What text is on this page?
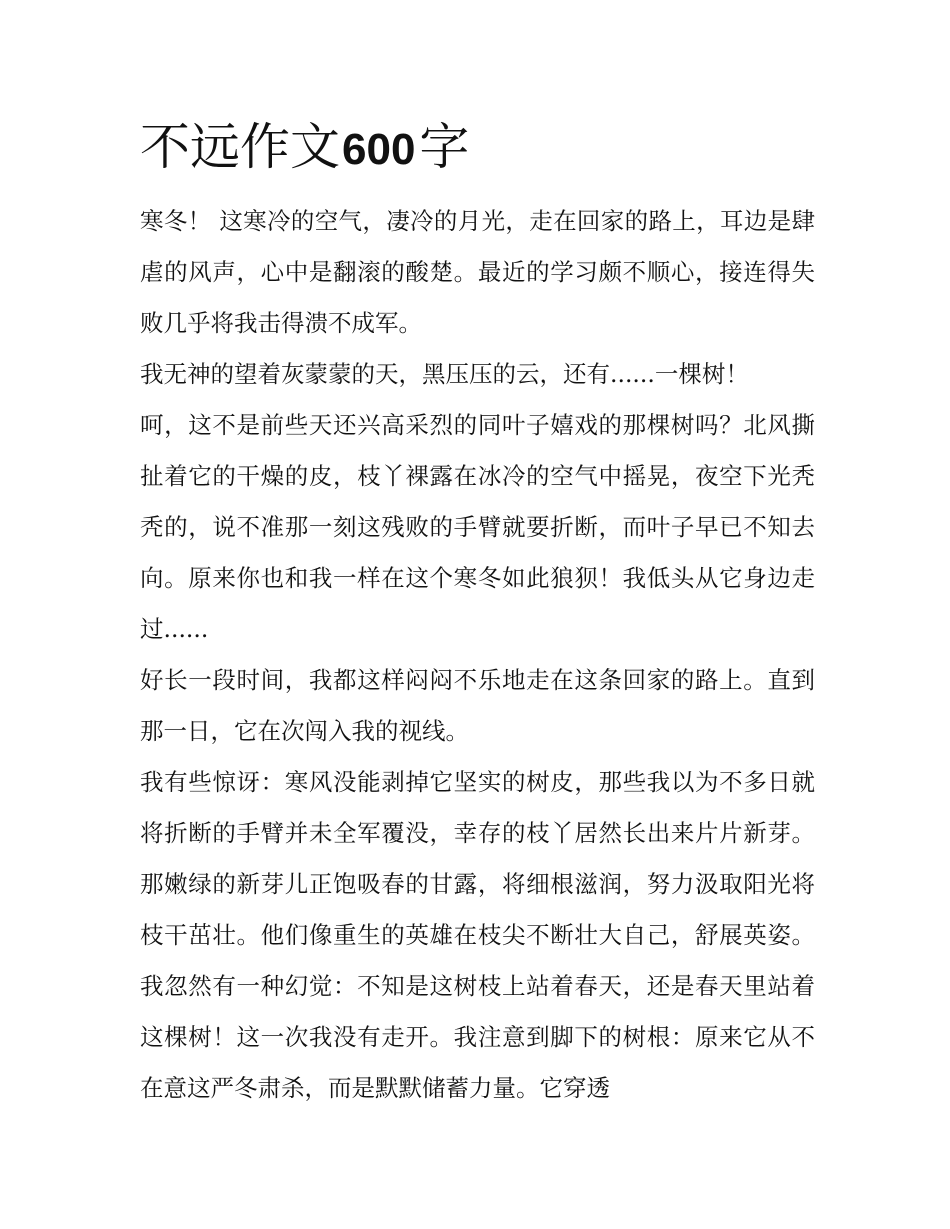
不远作文600字

寒冬！ 这寒冷的空气，凄冷的月光，走在回家的路上，耳边是肆虐的风声，心中是翻滚的酸楚。最近的学习颇不顺心，接连得失败几乎将我击得溃不成军。

我无神的望着灰蒙蒙的天，黑压压的云，还有......一棵树！

呵，这不是前些天还兴高采烈的同叶子嬉戏的那棵树吗？北风撕扯着它的干燥的皮，枝丫裸露在冰冷的空气中摇晃，夜空下光秃秃的，说不准那一刻这残败的手臂就要折断，而叶子早已不知去向。原来你也和我一样在这个寒冬如此狼狈！我低头从它身边走过......

好长一段时间，我都这样闷闷不乐地走在这条回家的路上。直到那一日，它在次闯入我的视线。

我有些惊讶：寒风没能剥掉它坚实的树皮，那些我以为不多日就将折断的手臂并未全军覆没，幸存的枝丫居然长出来片片新芽。那嫩绿的新芽儿正饱吸春的甘露，将细根滋润，努力汲取阳光将枝干茁壮。他们像重生的英雄在枝尖不断壮大自己，舒展英姿。我忽然有一种幻觉：不知是这树枝上站着春天，还是春天里站着这棵树！这一次我没有走开。我注意到脚下的树根：原来它从不在意这严冬肃杀，而是默默储蓄力量。它穿透
